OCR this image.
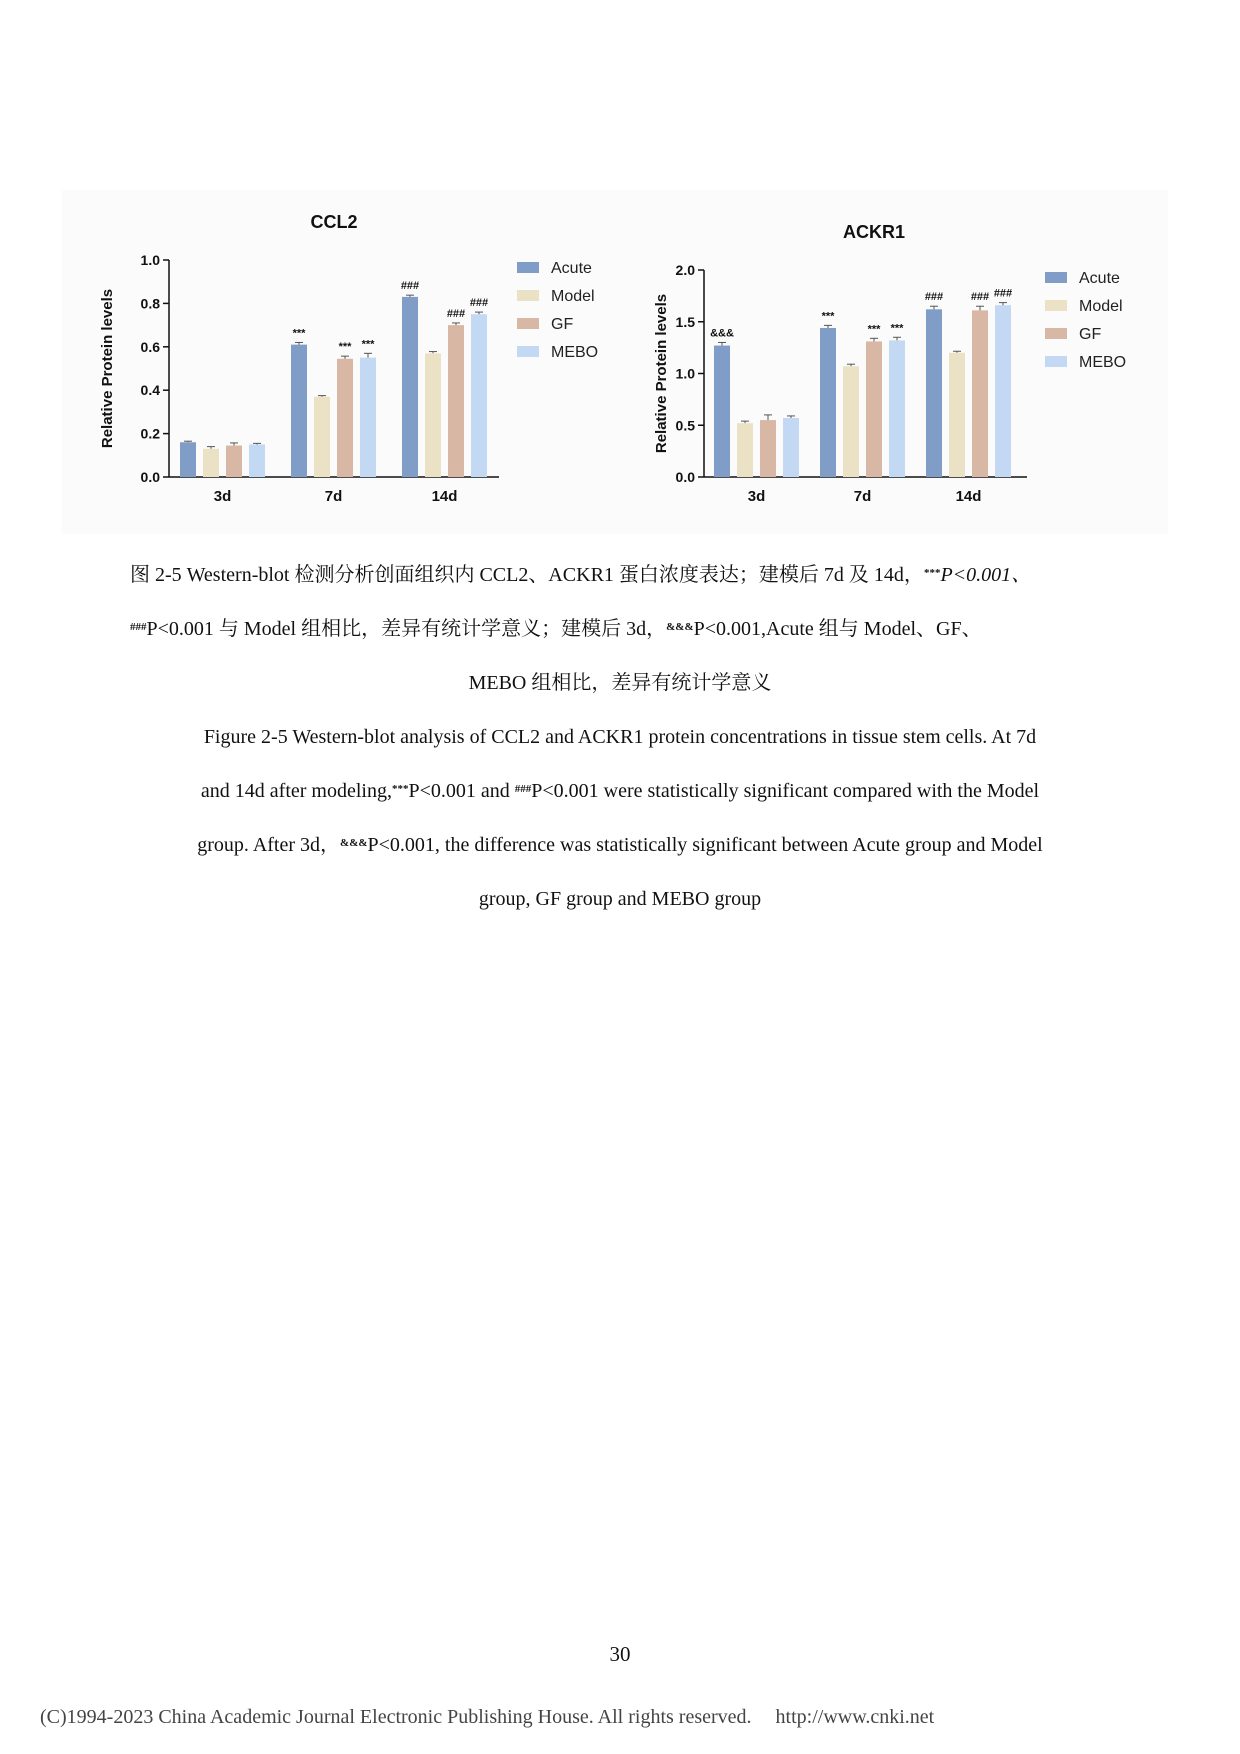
CCL2
Relative Protein levels
0.0
0.2
0.4
0.6
0.8
1.0
3d
***
*** ***
7d
###
###
###
14d
Acute
Model
GF
MEBO
ACKR1
Relative Protein levels
0.0
0.5
1.0
1.5
2.0
&&&
3d
***
*** ***
7d
###	### ###
14d
Acute
Model
GF
MEBO
图 2-5 Western-blot 检测分析创面组织内 CCL2、ACKR1 蛋白浓度表达；建模后 7d 及 14d，***P<0.001、
###P<0.001 与 Model 组相比，差异有统计学意义；建模后 3d，&&&P<0.001,Acute 组与 Model、GF、
MEBO 组相比，差异有统计学意义
Figure 2-5 Western-blot analysis of CCL2 and ACKR1 protein concentrations in tissue stem cells. At 7d
and 14d after modeling,***P<0.001 and ###P<0.001 were statistically significant compared with the Model
group. After 3d，&&&P<0.001, the difference was statistically significant between Acute group and Model
group, GF group and MEBO group
30
(C)1994-2023 China Academic Journal Electronic Publishing House. All rights reserved. http://www.cnki.net
